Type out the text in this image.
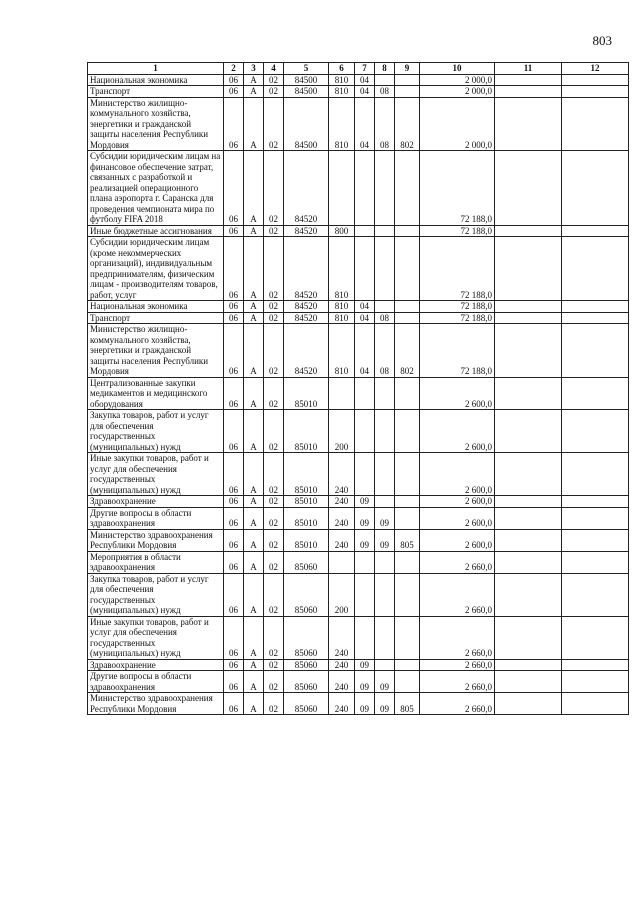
803
1	2	3	4	5	6	7	8	9	10	11	12
Национальная экономика	06	А	02	84500	810	04			2 000,0		
Транспорт	06	А	02	84500	810	04	08		2 000,0		
Министерство жилищно-коммунального хозяйства, энергетики и гражданской защиты населения Республики Мордовия	06	А	02	84500	810	04	08	802	2 000,0		
Субсидии юридическим лицам на финансовое обеспечение затрат, связанных с разработкой и реализацией операционного плана аэропорта г. Саранска для проведения чемпионата мира по футболу FIFA 2018	06	А	02	84520					72 188,0		
Иные бюджетные ассигнования	06	А	02	84520	800				72 188,0		
Субсидии юридическим лицам (кроме некоммерческих организаций), индивидуальным предпринимателям, физическим лицам - производителям товаров, работ, услуг	06	А	02	84520	810				72 188,0		
Национальная экономика	06	А	02	84520	810	04			72 188,0		
Транспорт	06	А	02	84520	810	04	08		72 188,0		
Министерство жилищно-коммунального хозяйства, энергетики и гражданской защиты населения Республики Мордовия	06	А	02	84520	810	04	08	802	72 188,0		
Централизованные закупки медикаментов и медицинского оборудования	06	А	02	85010					2 600,0		
Закупка товаров, работ и услуг для обеспечения государственных (муниципальных) нужд	06	А	02	85010	200				2 600,0		
Иные закупки товаров, работ и услуг для обеспечения государственных (муниципальных) нужд	06	А	02	85010	240				2 600,0		
Здравоохранение	06	А	02	85010	240	09			2 600,0		
Другие вопросы в области здравоохранения	06	А	02	85010	240	09	09		2 600,0		
Министерство здравоохранения Республики Мордовия	06	А	02	85010	240	09	09	805	2 600,0		
Мероприятия в области здравоохранения	06	А	02	85060					2 660,0		
Закупка товаров, работ и услуг для обеспечения государственных (муниципальных) нужд	06	А	02	85060	200				2 660,0		
Иные закупки товаров, работ и услуг для обеспечения государственных (муниципальных) нужд	06	А	02	85060	240				2 660,0		
Здравоохранение	06	А	02	85060	240	09			2 660,0		
Другие вопросы в области здравоохранения	06	А	02	85060	240	09	09		2 660,0		
Министерство здравоохранения Республики Мордовия	06	А	02	85060	240	09	09	805	2 660,0		
